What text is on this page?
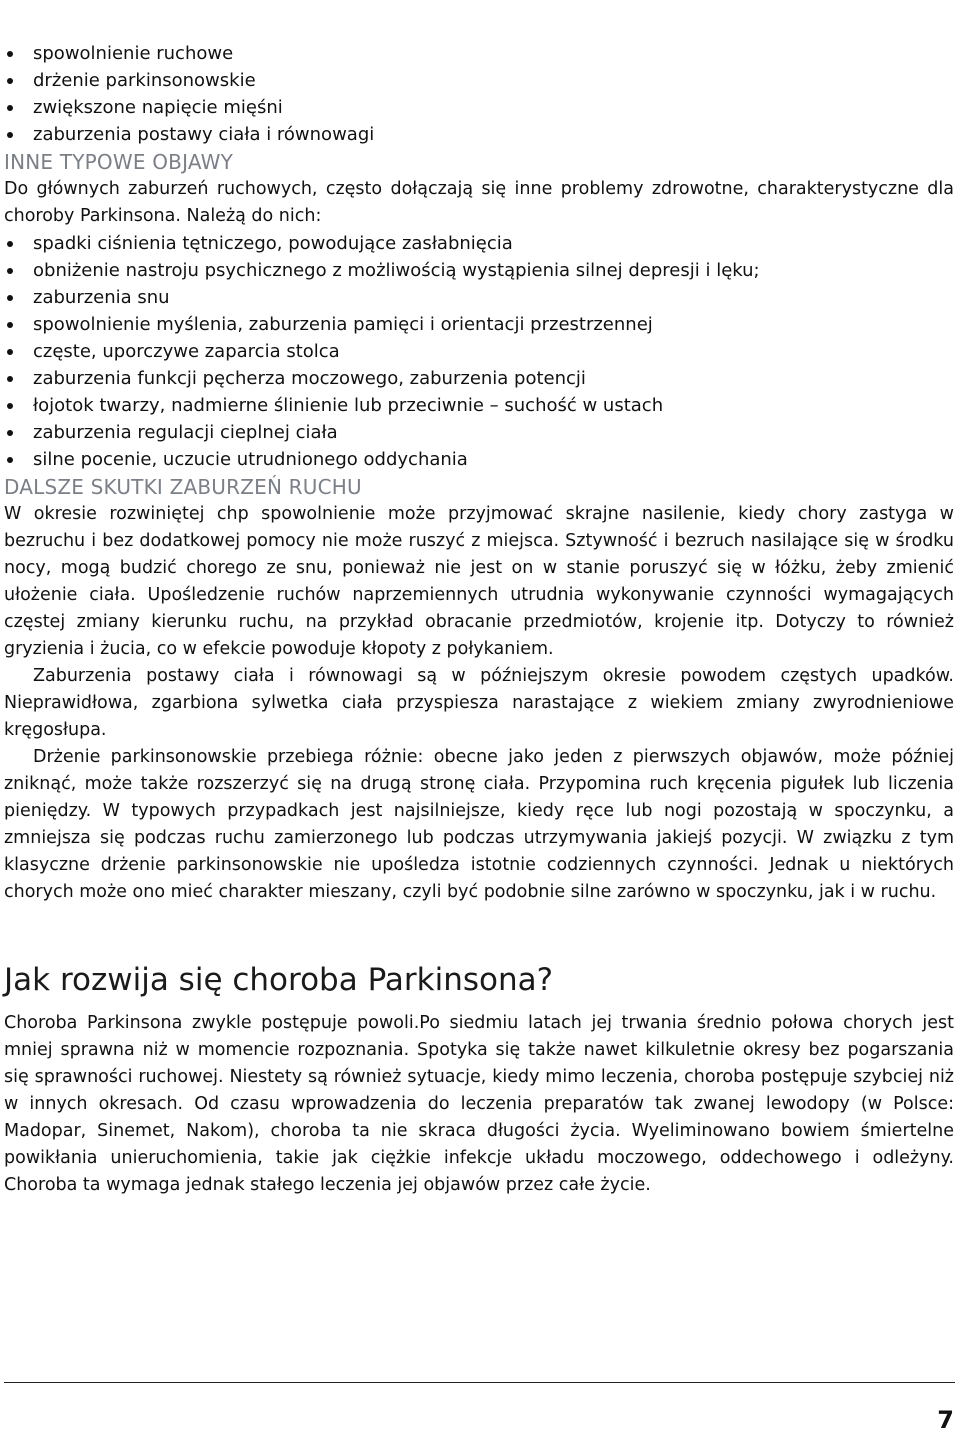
spowolnienie ruchowe
drżenie parkinsonowskie
zwiększone napięcie mięśni
zaburzenia postawy ciała i równowagi
INNE TYPOWE OBJAWY

Do głównych zaburzeń ruchowych, często dołączają się inne problemy zdrowotne, charakterystyczne dla choroby Parkinsona. Należą do nich:

spadki ciśnienia tętniczego, powodujące zasłabnięcia
obniżenie nastroju psychicznego z możliwością wystąpienia silnej depresji i lęku;
zaburzenia snu
spowolnienie myślenia, zaburzenia pamięci i orientacji przestrzennej
częste, uporczywe zaparcia stolca
zaburzenia funkcji pęcherza moczowego, zaburzenia potencji
łojotok twarzy, nadmierne ślinienie lub przeciwnie – suchość w ustach
zaburzenia regulacji cieplnej ciała
silne pocenie, uczucie utrudnionego oddychania
DALSZE SKUTKI ZABURZEŃ RUCHU

W okresie rozwiniętej chp spowolnienie może przyjmować skrajne nasilenie, kiedy chory zastyga w bezruchu i bez dodatkowej pomocy nie może ruszyć z miejsca. Sztywność i bezruch nasilające się w środku nocy, mogą budzić chorego ze snu, ponieważ nie jest on w stanie poruszyć się w łóżku, żeby zmienić ułożenie ciała. Upośledzenie ruchów naprzemiennych utrudnia wykonywanie czynności wymagających częstej zmiany kierunku ruchu, na przykład obracanie przedmiotów, krojenie itp. Dotyczy to również gryzienia i żucia, co w efekcie powoduje kłopoty z połykaniem.

Zaburzenia postawy ciała i równowagi są w późniejszym okresie powodem częstych upadków. Nieprawidłowa, zgarbiona sylwetka ciała przyspiesza narastające z wiekiem zmiany zwyrodnieniowe kręgosłupa.

Drżenie parkinsonowskie przebiega różnie: obecne jako jeden z pierwszych objawów, może później zniknąć, może także rozszerzyć się na drugą stronę ciała. Przypomina ruch kręcenia pigułek lub liczenia pieniędzy. W typowych przypadkach jest najsilniejsze, kiedy ręce lub nogi pozostają w spoczynku, a zmniejsza się podczas ruchu zamierzonego lub podczas utrzymywania jakiejś pozycji. W związku z tym klasyczne drżenie parkinsonowskie nie upośledza istotnie codziennych czynności. Jednak u niektórych chorych może ono mieć charakter mieszany, czyli być podobnie silne zarówno w spoczynku, jak i w ruchu.

Jak rozwija się choroba Parkinsona?

Choroba Parkinsona zwykle postępuje powoli.Po siedmiu latach jej trwania średnio połowa chorych jest mniej sprawna niż w momencie rozpoznania. Spotyka się także nawet kilkuletnie okresy bez pogarszania się sprawności ruchowej. Niestety są również sytuacje, kiedy mimo leczenia, choroba postępuje szybciej niż w innych okresach. Od czasu wprowadzenia do leczenia preparatów tak zwanej lewodopy (w Polsce: Madopar, Sinemet, Nakom), choroba ta nie skraca długości życia. Wyeliminowano bowiem śmiertelne powikłania unieruchomienia, takie jak ciężkie infekcje układu moczowego, oddechowego i odleżyny. Choroba ta wymaga jednak stałego leczenia jej objawów przez całe życie.

7
